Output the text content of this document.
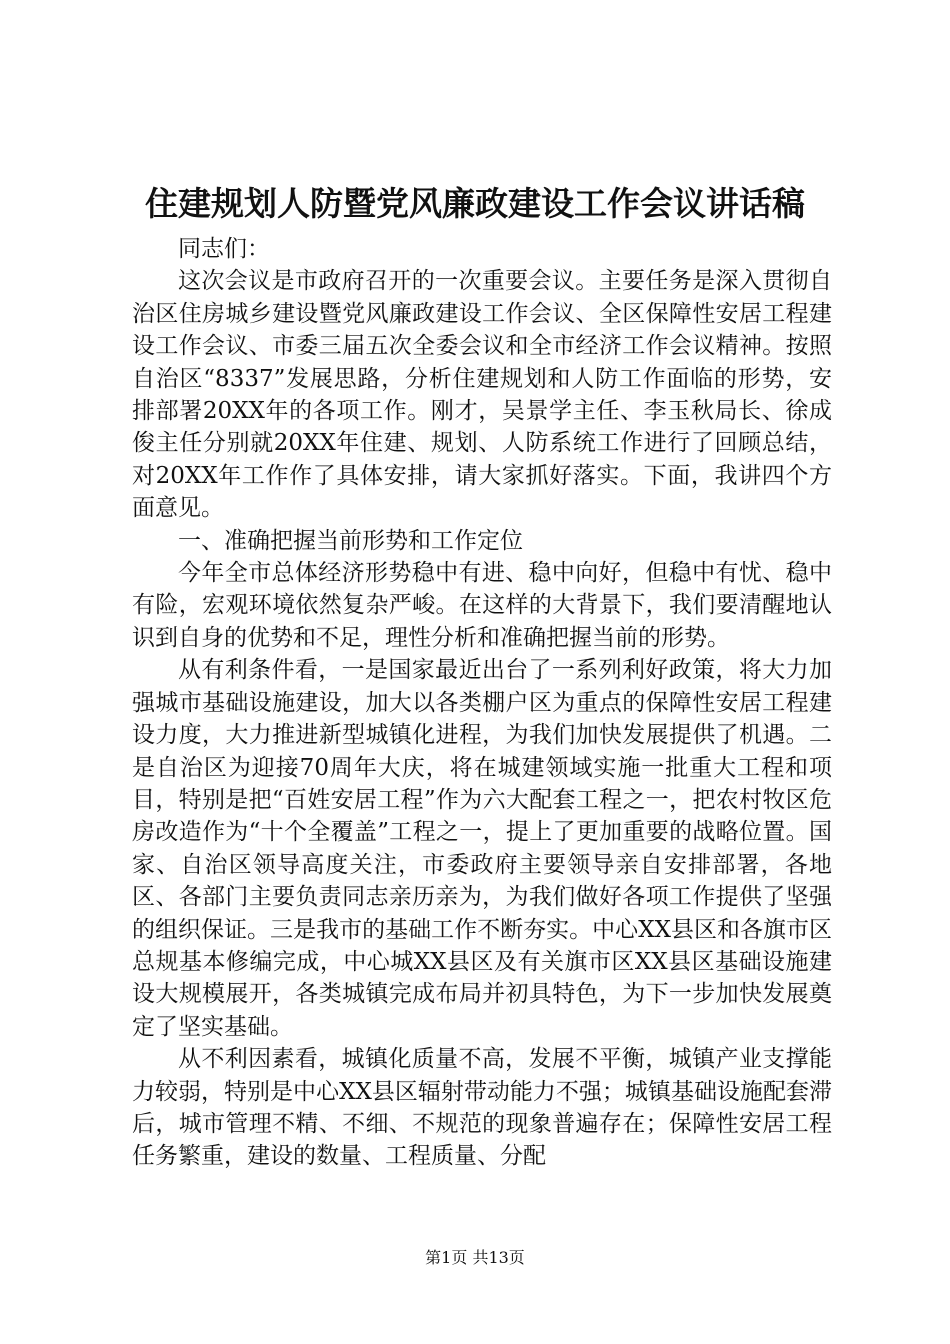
住建规划人防暨党风廉政建设工作会议讲话稿

同志们：

这次会议是市政府召开的一次重要会议。主要任务是深入贯彻自治区住房城乡建设暨党风廉政建设工作会议、全区保障性安居工程建设工作会议、市委三届五次全委会议和全市经济工作会议精神。按照自治区“8337”发展思路，分析住建规划和人防工作面临的形势，安排部署20XX年的各项工作。刚才，吴景学主任、李玉秋局长、徐成俊主任分别就20XX年住建、规划、人防系统工作进行了回顾总结，对20XX年工作作了具体安排，请大家抓好落实。下面，我讲四个方面意见。

一、准确把握当前形势和工作定位

今年全市总体经济形势稳中有进、稳中向好，但稳中有忧、稳中有险，宏观环境依然复杂严峻。在这样的大背景下，我们要清醒地认识到自身的优势和不足，理性分析和准确把握当前的形势。

从有利条件看，一是国家最近出台了一系列利好政策，将大力加强城市基础设施建设，加大以各类棚户区为重点的保障性安居工程建设力度，大力推进新型城镇化进程，为我们加快发展提供了机遇。二是自治区为迎接70周年大庆，将在城建领域实施一批重大工程和项目，特别是把“百姓安居工程”作为六大配套工程之一，把农村牧区危房改造作为“十个全覆盖”工程之一，提上了更加重要的战略位置。国家、自治区领导高度关注，市委政府主要领导亲自安排部署，各地区、各部门主要负责同志亲历亲为，为我们做好各项工作提供了坚强的组织保证。三是我市的基础工作不断夯实。中心XX县区和各旗市区总规基本修编完成，中心城XX县区及有关旗市区XX县区基础设施建设大规模展开，各类城镇完成布局并初具特色，为下一步加快发展奠定了坚实基础。

从不利因素看，城镇化质量不高，发展不平衡，城镇产业支撑能力较弱，特别是中心XX县区辐射带动能力不强；城镇基础设施配套滞后，城市管理不精、不细、不规范的现象普遍存在；保障性安居工程任务繁重，建设的数量、工程质量、分配

第1页 共13页
